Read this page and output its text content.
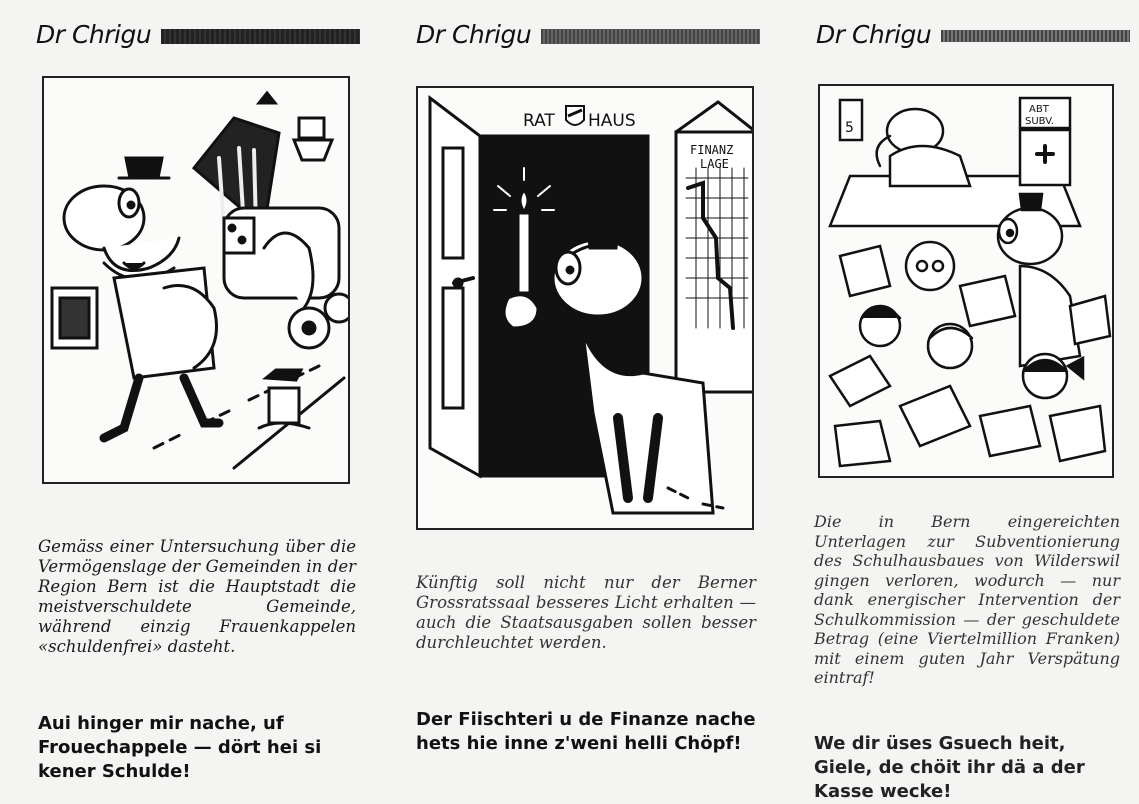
Dr Chrigu

Gemäss einer Untersuchung über die Vermögenslage der Gemeinden in der Region Bern ist die Hauptstadt die meistverschuldete Gemeinde, während einzig Frauenkappelen «schuldenfrei» dasteht.

Aui hinger mir nache, uf Frouechappele — dört hei si kener Schulde!

Dr Chrigu
RAT HAUS
FINANZ
LAGE

Künftig soll nicht nur der Berner Grossratssaal besseres Licht erhalten — auch die Staatsausgaben sollen besser durchleuchtet werden.

Der Fiischteri u de Finanze nache hets hie inne z'weni helli Chöpf!

Dr Chrigu
5
ABT
SUBV.

Die in Bern eingereichten Unterlagen zur Subventionierung des Schulhausbaues von Wilderswil gingen verloren, wodurch — nur dank energischer Intervention der Schulkommission — der geschuldete Betrag (eine Viertelmillion Franken) mit einem guten Jahr Verspätung eintraf!

We dir üses Gsuech heit, Giele, de chöit ihr dä a der Kasse wecke!
